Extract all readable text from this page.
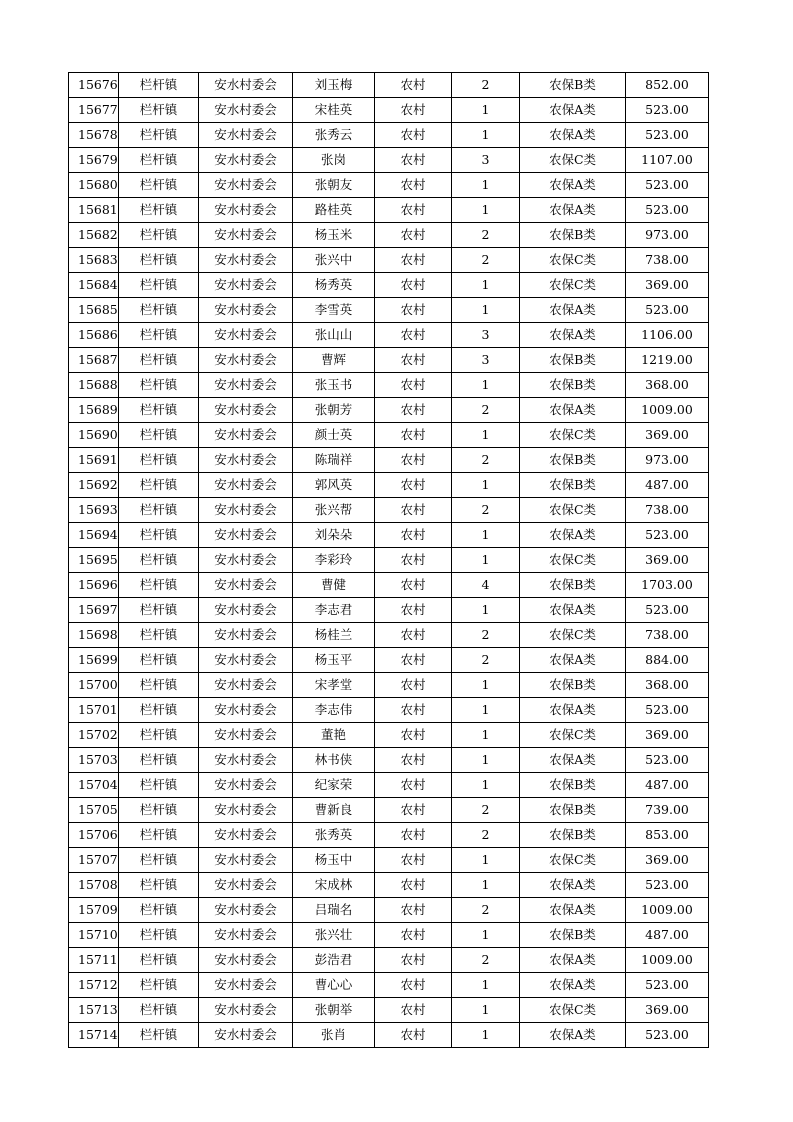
15676	栏杆镇	安水村委会	刘玉梅	农村	2	农保B类	852.00
15677	栏杆镇	安水村委会	宋桂英	农村	1	农保A类	523.00
15678	栏杆镇	安水村委会	张秀云	农村	1	农保A类	523.00
15679	栏杆镇	安水村委会	张岗	农村	3	农保C类	1107.00
15680	栏杆镇	安水村委会	张朝友	农村	1	农保A类	523.00
15681	栏杆镇	安水村委会	路桂英	农村	1	农保A类	523.00
15682	栏杆镇	安水村委会	杨玉米	农村	2	农保B类	973.00
15683	栏杆镇	安水村委会	张兴中	农村	2	农保C类	738.00
15684	栏杆镇	安水村委会	杨秀英	农村	1	农保C类	369.00
15685	栏杆镇	安水村委会	李雪英	农村	1	农保A类	523.00
15686	栏杆镇	安水村委会	张山山	农村	3	农保A类	1106.00
15687	栏杆镇	安水村委会	曹辉	农村	3	农保B类	1219.00
15688	栏杆镇	安水村委会	张玉书	农村	1	农保B类	368.00
15689	栏杆镇	安水村委会	张朝芳	农村	2	农保A类	1009.00
15690	栏杆镇	安水村委会	颜士英	农村	1	农保C类	369.00
15691	栏杆镇	安水村委会	陈瑞祥	农村	2	农保B类	973.00
15692	栏杆镇	安水村委会	郭风英	农村	1	农保B类	487.00
15693	栏杆镇	安水村委会	张兴帮	农村	2	农保C类	738.00
15694	栏杆镇	安水村委会	刘朵朵	农村	1	农保A类	523.00
15695	栏杆镇	安水村委会	李彩玲	农村	1	农保C类	369.00
15696	栏杆镇	安水村委会	曹健	农村	4	农保B类	1703.00
15697	栏杆镇	安水村委会	李志君	农村	1	农保A类	523.00
15698	栏杆镇	安水村委会	杨桂兰	农村	2	农保C类	738.00
15699	栏杆镇	安水村委会	杨玉平	农村	2	农保A类	884.00
15700	栏杆镇	安水村委会	宋孝堂	农村	1	农保B类	368.00
15701	栏杆镇	安水村委会	李志伟	农村	1	农保A类	523.00
15702	栏杆镇	安水村委会	董艳	农村	1	农保C类	369.00
15703	栏杆镇	安水村委会	林书侠	农村	1	农保A类	523.00
15704	栏杆镇	安水村委会	纪家荣	农村	1	农保B类	487.00
15705	栏杆镇	安水村委会	曹新良	农村	2	农保B类	739.00
15706	栏杆镇	安水村委会	张秀英	农村	2	农保B类	853.00
15707	栏杆镇	安水村委会	杨玉中	农村	1	农保C类	369.00
15708	栏杆镇	安水村委会	宋成林	农村	1	农保A类	523.00
15709	栏杆镇	安水村委会	吕瑞名	农村	2	农保A类	1009.00
15710	栏杆镇	安水村委会	张兴壮	农村	1	农保B类	487.00
15711	栏杆镇	安水村委会	彭浩君	农村	2	农保A类	1009.00
15712	栏杆镇	安水村委会	曹心心	农村	1	农保A类	523.00
15713	栏杆镇	安水村委会	张朝举	农村	1	农保C类	369.00
15714	栏杆镇	安水村委会	张肖	农村	1	农保A类	523.00
